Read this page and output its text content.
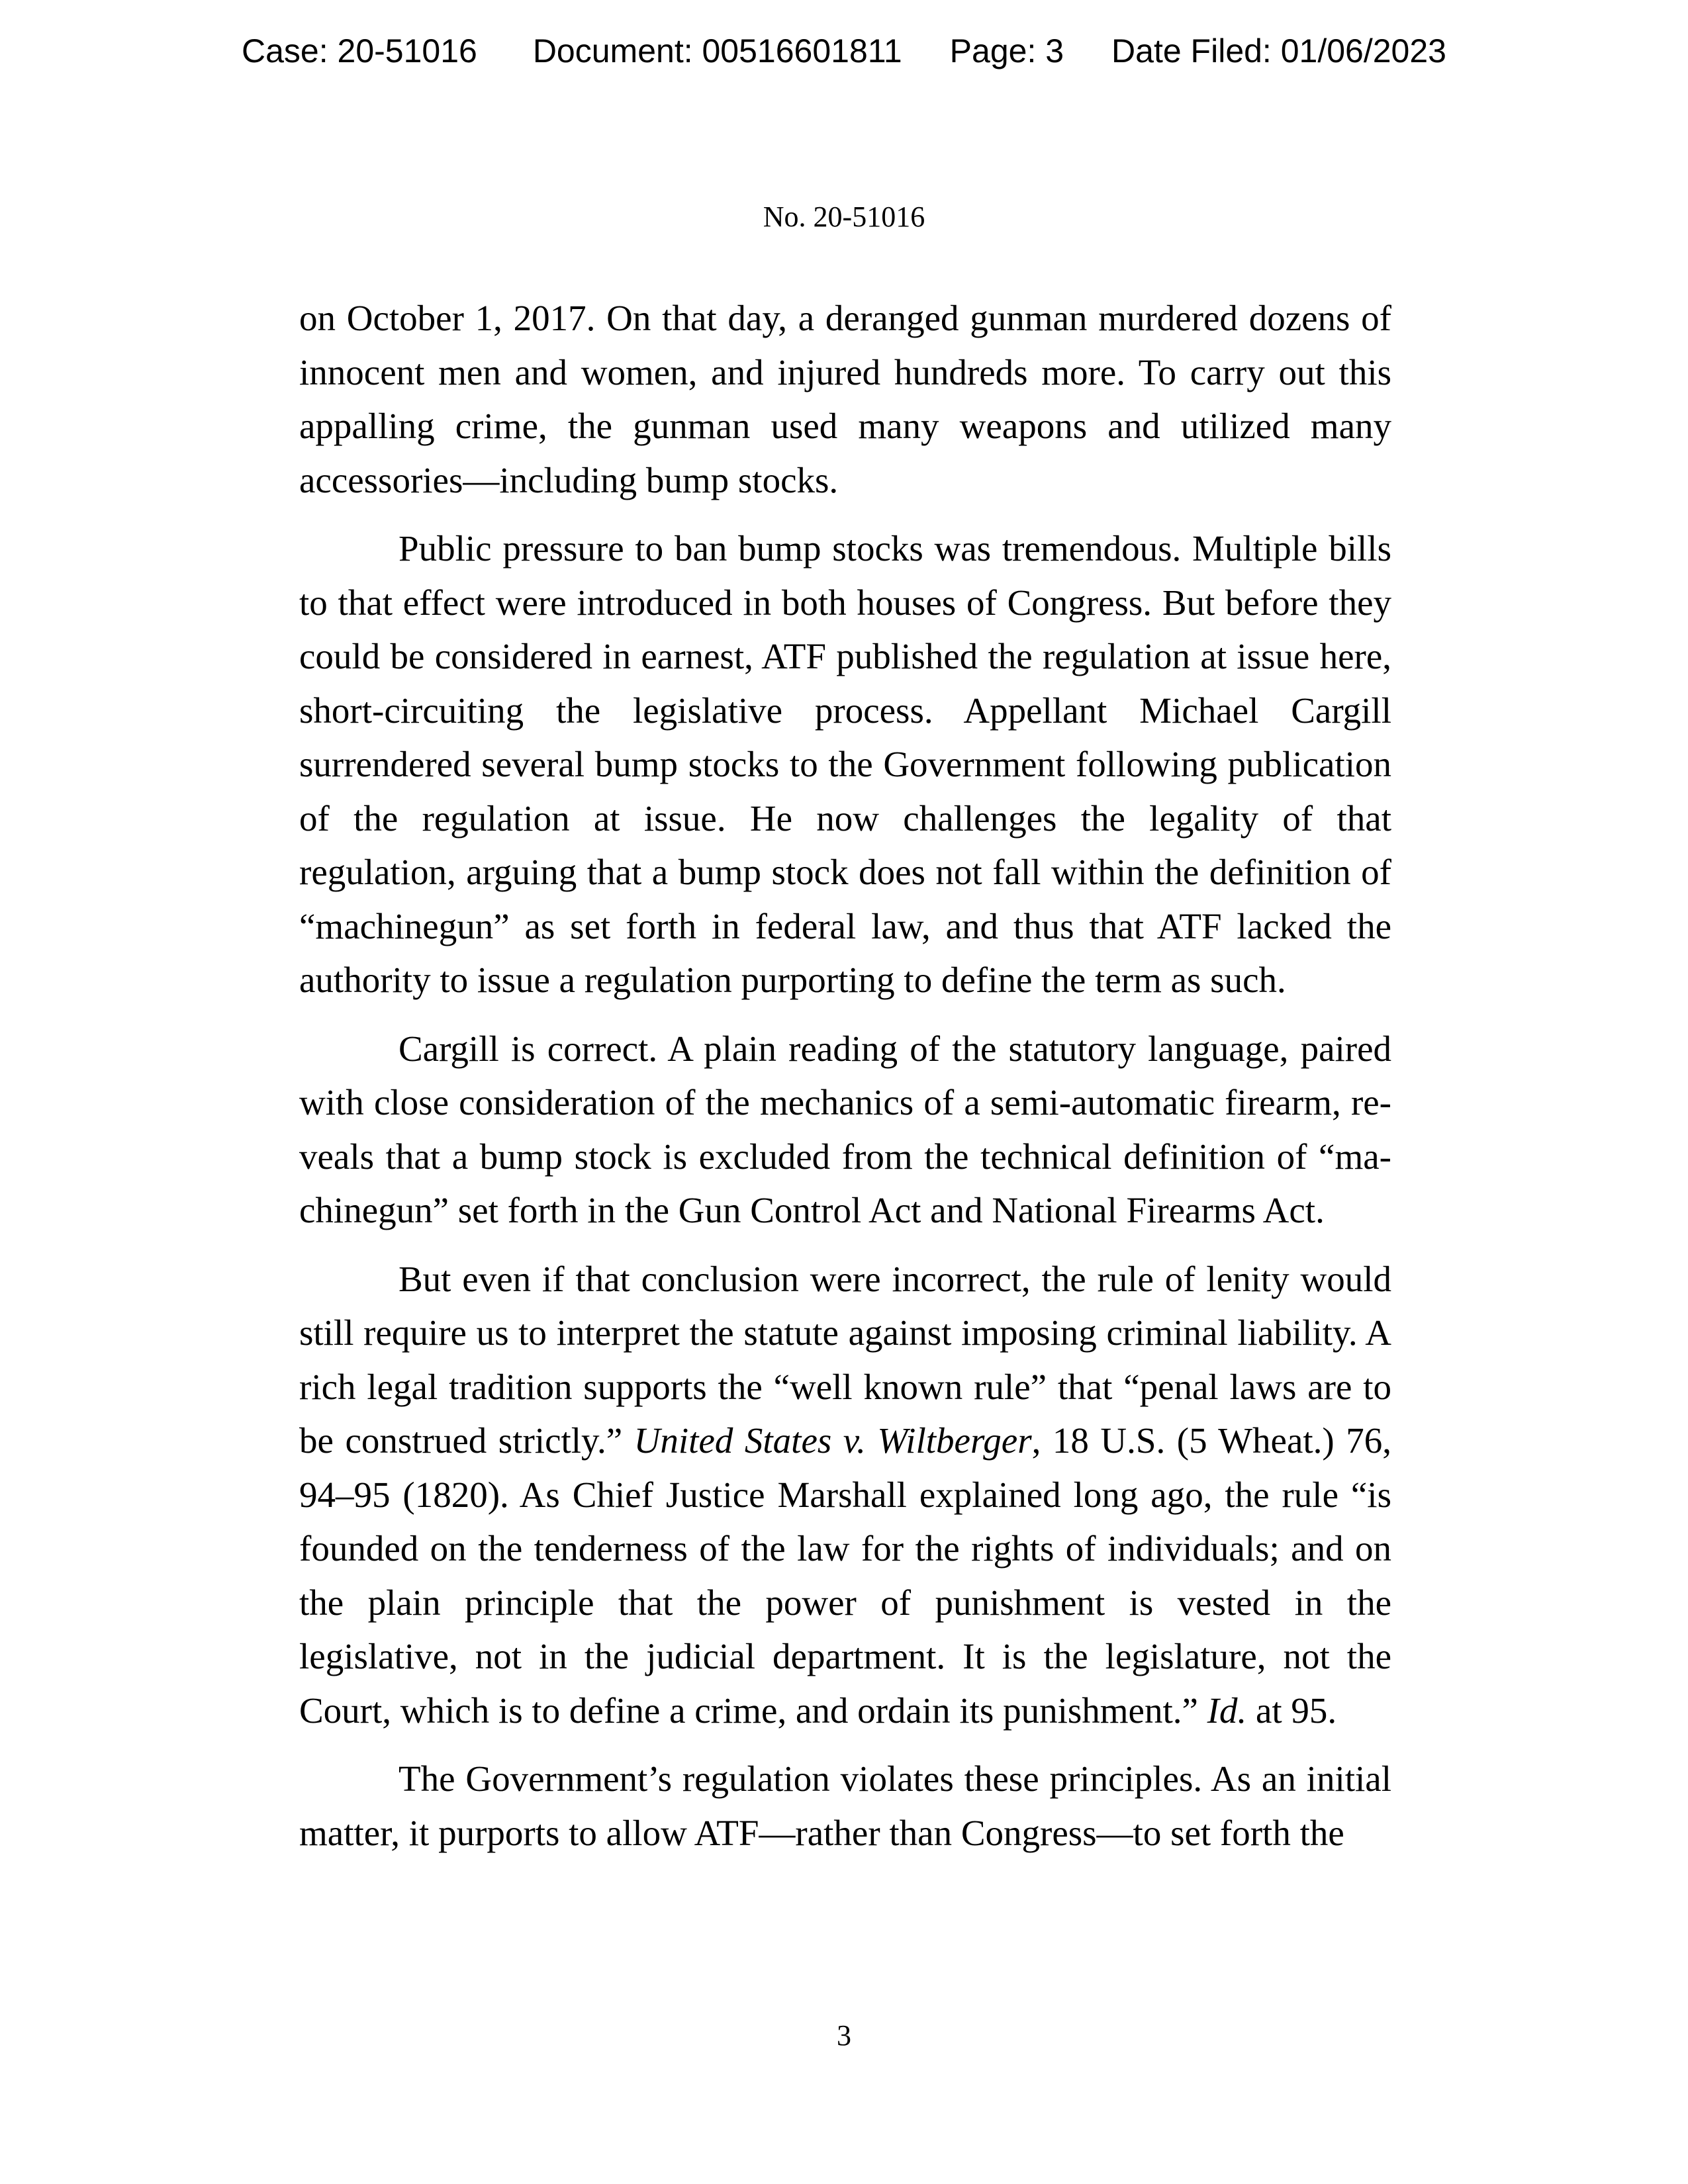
Case: 20-51016 Document: 00516601811 Page: 3 Date Filed: 01/06/2023
No. 20-51016

on October 1, 2017. On that day, a deranged gunman murdered dozens of innocent men and women, and injured hundreds more. To carry out this appalling crime, the gunman used many weapons and utilized many accessories—including bump stocks.

Public pressure to ban bump stocks was tremendous. Multiple bills to that effect were introduced in both houses of Congress. But before they could be considered in earnest, ATF published the regulation at issue here, short-circuiting the legislative process. Appellant Michael Cargill surrendered several bump stocks to the Government following publication of the regulation at issue. He now challenges the legality of that regulation, arguing that a bump stock does not fall within the definition of “machinegun” as set forth in federal law, and thus that ATF lacked the authority to issue a regulation purporting to define the term as such.

Cargill is correct. A plain reading of the statutory language, paired with close consideration of the mechanics of a semi-automatic firearm, reveals that a bump stock is excluded from the technical definition of “machinegun” set forth in the Gun Control Act and National Firearms Act.

But even if that conclusion were incorrect, the rule of lenity would still require us to interpret the statute against imposing criminal liability. A rich legal tradition supports the “well known rule” that “penal laws are to be construed strictly.” United States v. Wiltberger, 18 U.S. (5 Wheat.) 76, 94–95 (1820). As Chief Justice Marshall explained long ago, the rule “is founded on the tenderness of the law for the rights of individuals; and on the plain principle that the power of punishment is vested in the legislative, not in the judicial department. It is the legislature, not the Court, which is to define a crime, and ordain its punishment.” Id. at 95.

The Government’s regulation violates these principles. As an initial matter, it purports to allow ATF—rather than Congress—to set forth the

3
